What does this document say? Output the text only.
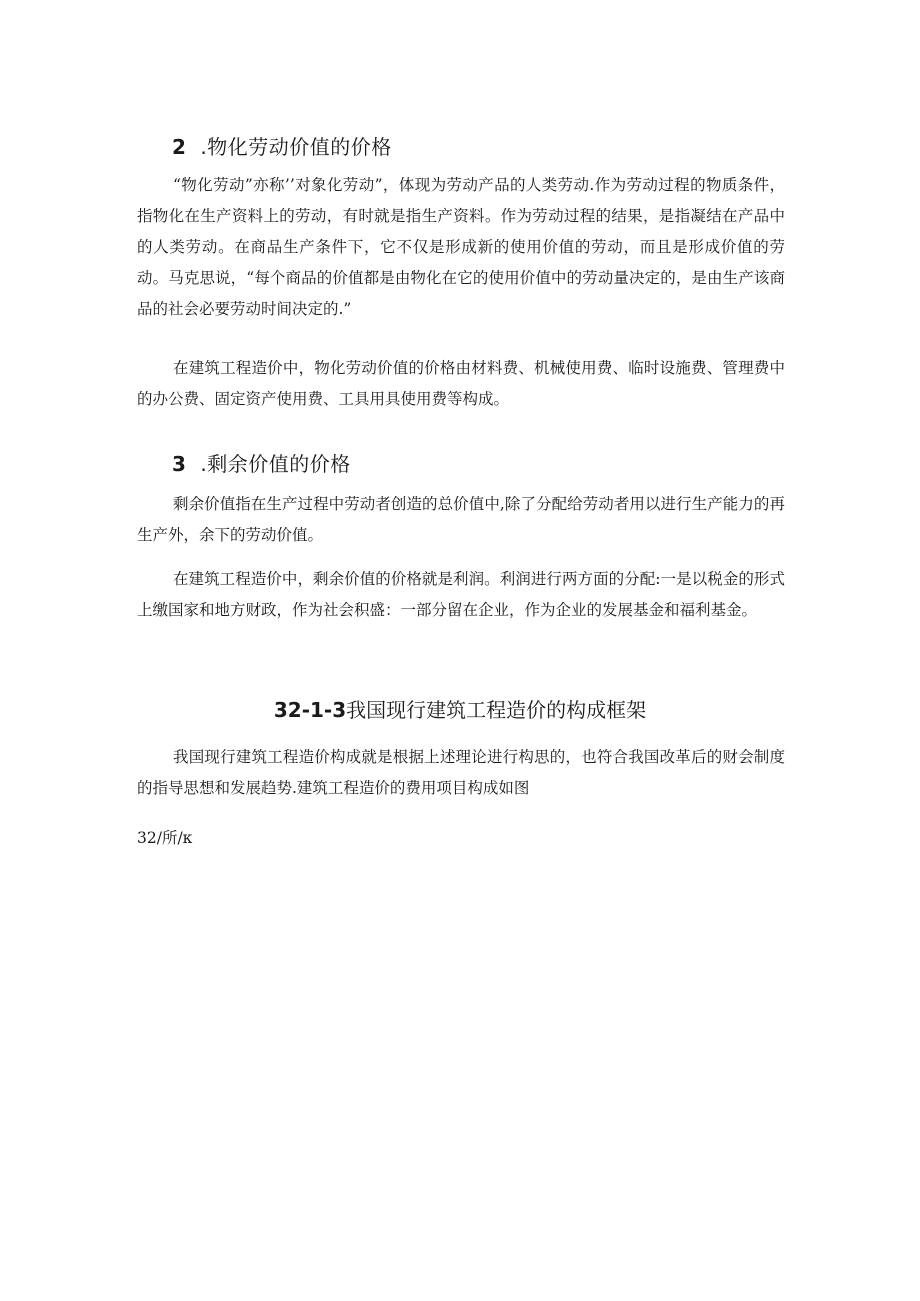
2 .物化劳动价值的价格

“物化劳动”亦称’’对象化劳动”，体现为劳动产品的人类劳动.作为劳动过程的物质条件，指物化在生产资料上的劳动，有时就是指生产资料。作为劳动过程的结果，是指凝结在产品中的人类劳动。在商品生产条件下，它不仅是形成新的使用价值的劳动，而且是形成价值的劳动。马克思说，“每个商品的价值都是由物化在它的使用价值中的劳动量决定的，是由生产该商品的社会必要劳动时间决定的.”

在建筑工程造价中，物化劳动价值的价格由材料费、机械使用费、临时设施费、管理费中的办公费、固定资产使用费、工具用具使用费等构成。

3 .剩余价值的价格

剩余价值指在生产过程中劳动者创造的总价值中,除了分配给劳动者用以进行生产能力的再生产外，余下的劳动价值。

在建筑工程造价中，剩余价值的价格就是利润。利润进行两方面的分配:一是以税金的形式上缴国家和地方财政，作为社会积盛：一部分留在企业，作为企业的发展基金和福利基金。

32-1-3我国现行建筑工程造价的构成框架

我国现行建筑工程造价构成就是根据上述理论进行构思的，也符合我国改革后的财会制度的指导思想和发展趋势.建筑工程造价的费用项目构成如图

32/所/κ
